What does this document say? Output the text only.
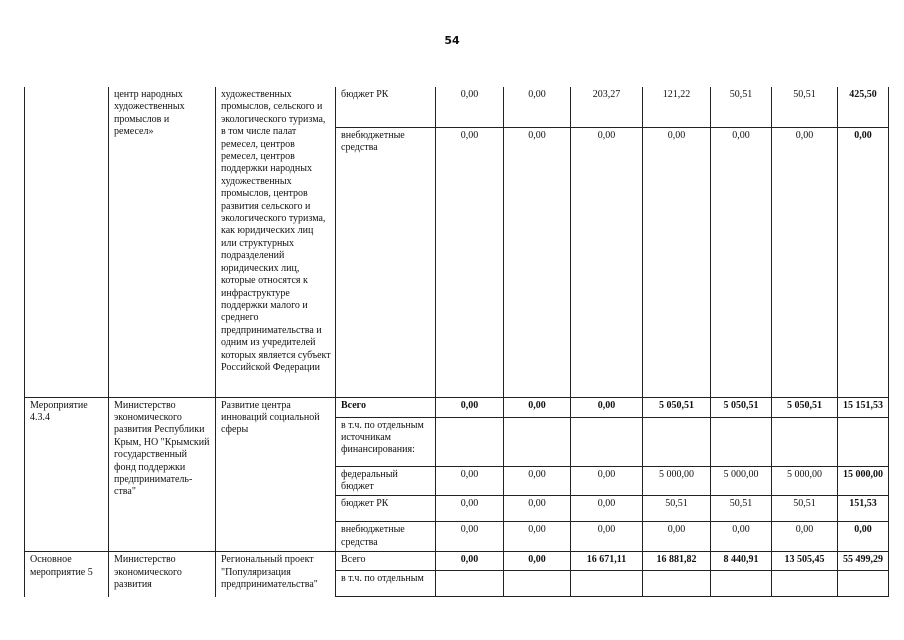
54
	центр народных художественных промыслов и ремесел»	художественных промыслов, сельского и экологического туризма, в том числе палат ремесел, центров ремесел, центров поддержки народных художественных промыслов, центров развития сельского и экологического туризма, как юридических лиц или структурных подразделений юридических лиц, которые относятся к инфраструктуре поддержки малого и среднего предпринимательства и одним из учредителей которых является субъект Российской Федерации	бюджет РК	0,00	0,00	203,27	121,22	50,51	50,51	425,50
			внебюджетные средства	0,00	0,00	0,00	0,00	0,00	0,00	0,00
Мероприятие 4.3.4	Министерство экономического развития Республики Крым, НО "Крымский государственный фонд поддержки предприниматель-ства"	Развитие центра инноваций социальной сферы	Всего	0,00	0,00	0,00	5 050,51	5 050,51	5 050,51	15 151,53
			в т.ч. по отдельным источникам финансирования:							
			федеральный бюджет	0,00	0,00	0,00	5 000,00	5 000,00	5 000,00	15 000,00
			бюджет РК	0,00	0,00	0,00	50,51	50,51	50,51	151,53
			внебюджетные средства	0,00	0,00	0,00	0,00	0,00	0,00	0,00
Основное мероприятие 5	Министерство экономического развития	Региональный проект "Популяризация предпринимательства"	Всего	0,00	0,00	16 671,11	16 881,82	8 440,91	13 505,45	55 499,29
			в т.ч. по отдельным							
